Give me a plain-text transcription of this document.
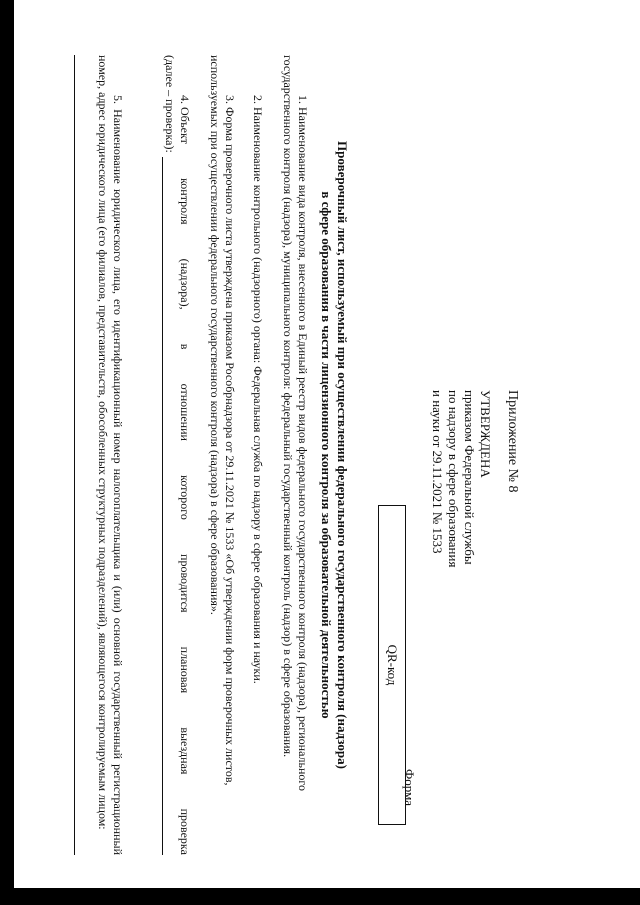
Приложение № 8
УТВЕРЖДЕНА
приказом Федеральной службы
по надзору в сфере образования
и науки от 29.11.2021 № 1533
Форма
QR-код
Проверочный лист, используемый при осуществлении федерального государственного контроля (надзора)
в сфере образования в части лицензионного контроля за образовательной деятельностью
1. Наименование вида контроля, внесенного в Единый реестр видов федерального государственного контроля (надзора), регионального государственного контроля (надзора), муниципального контроля: федеральный государственный контроль (надзор) в сфере образования.
2. Наименование контрольного (надзорного) органа: Федеральная служба по надзору в сфере образования и науки.
3. Форма проверочного листа утверждена приказом Рособрнадзора от 29.11.2021 № 1533 «Об утверждении форм проверочных листов, используемых при осуществлении федерального государственного контроля (надзора) в сфере образования».
4. Объект
контроля
(надзора),
в
отношении
которого
проводится
плановая
выездная
проверка
(далее – проверка):
5. Наименование юридического лица, его идентификационный номер налогоплательщика и (или) основной государственный регистрационный номер, адрес юридического лица (его филиалов, представительств, обособленных структурных подразделений), являющегося контролируемым лицом:
